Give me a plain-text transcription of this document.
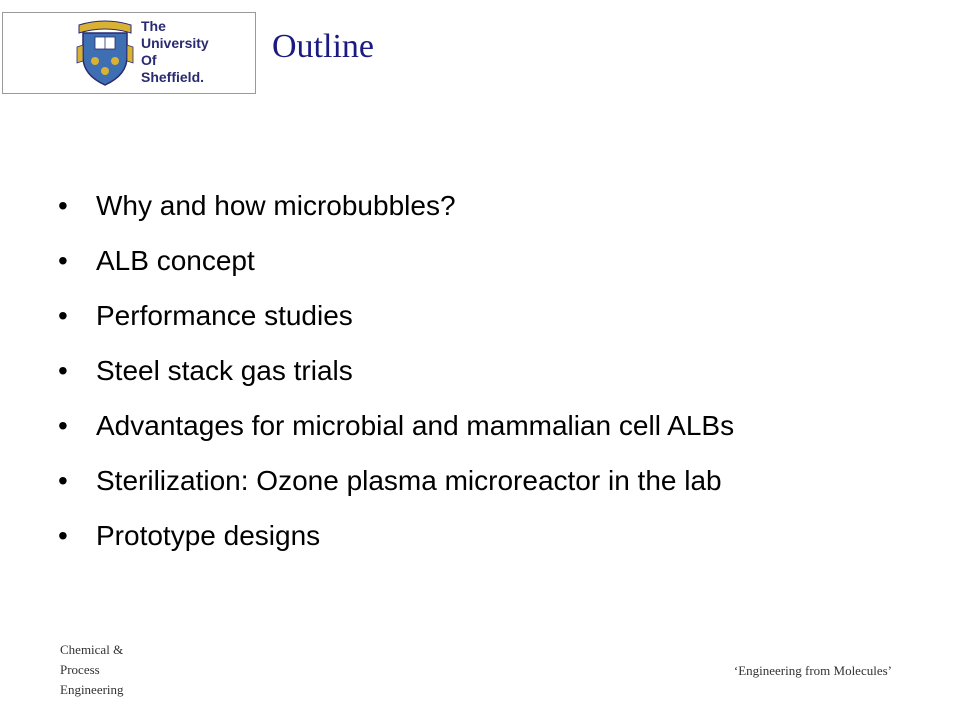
The
University
Of
Sheffield.
Outline
•	Why and how microbubbles?
•	ALB concept
•	Performance studies
•	Steel stack gas trials
•	Advantages for microbial and mammalian cell ALBs
•	Sterilization: Ozone plasma microreactor in the lab
•	Prototype designs
Chemical &
Process
Engineering
‘Engineering from Molecules’
